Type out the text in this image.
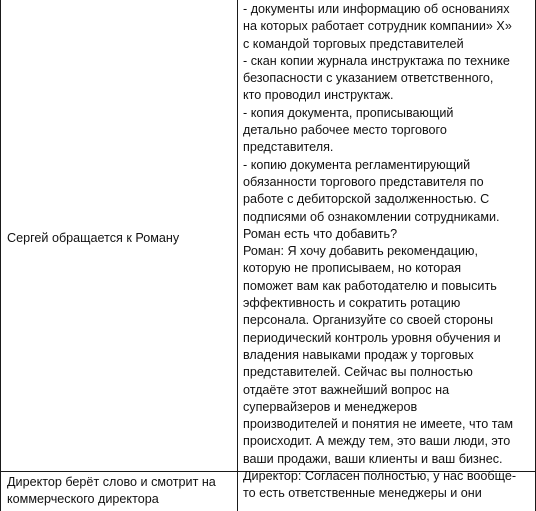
Сергей обращается к Роману
Директор берёт слово и смотрит на
коммерческого директора
- документы или информацию об основаниях
на которых работает сотрудник компании» Х»
с командой торговых представителей
- скан копии журнала инструктажа по технике
безопасности с указанием ответственного,
кто проводил инструктаж.
- копия документа, прописывающий
детально рабочее место торгового
представителя.
- копию документа регламентирующий
обязанности торгового представителя по
работе с дебиторской задолженностью. С
подписями об ознакомлении сотрудниками.
Роман есть что добавить?
Роман: Я хочу добавить рекомендацию,
которую не прописываем, но которая
поможет вам как работодателю и повысить
эффективность и сократить ротацию
персонала. Организуйте со своей стороны
периодический контроль уровня обучения и
владения навыками продаж у торговых
представителей. Сейчас вы полностью
отдаёте этот важнейший вопрос на
супервайзеров и менеджеров
производителей и понятия не имеете, что там
происходит. А между тем, это ваши люди, это
ваши продажи, ваши клиенты и ваш бизнес.
Директор: Согласен полностью, у нас вообще-
то есть ответственные менеджеры и они
